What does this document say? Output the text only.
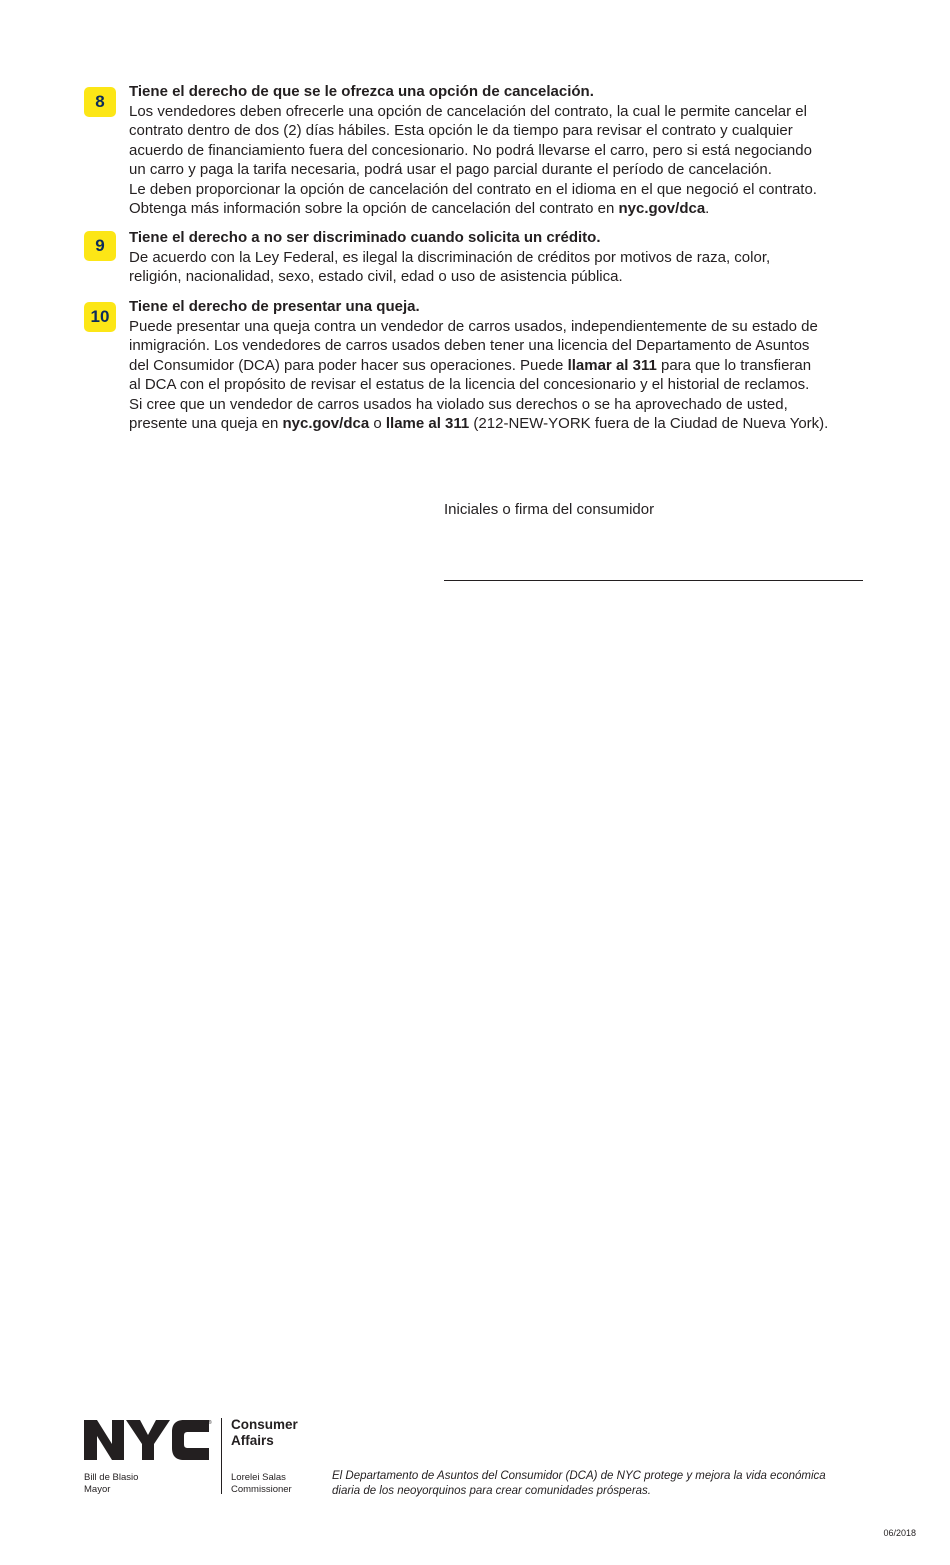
8
Tiene el derecho de que se le ofrezca una opción de cancelación.
Los vendedores deben ofrecerle una opción de cancelación del contrato, la cual le permite cancelar el
contrato dentro de dos (2) días hábiles. Esta opción le da tiempo para revisar el contrato y cualquier
acuerdo de financiamiento fuera del concesionario. No podrá llevarse el carro, pero si está negociando
un carro y paga la tarifa necesaria, podrá usar el pago parcial durante el período de cancelación.
Le deben proporcionar la opción de cancelación del contrato en el idioma en el que negoció el contrato.
Obtenga más información sobre la opción de cancelación del contrato en nyc.gov/dca.
9	Tiene el derecho a no ser discriminado cuando solicita un crédito.
De acuerdo con la Ley Federal, es ilegal la discriminación de créditos por motivos de raza, color,
religión, nacionalidad, sexo, estado civil, edad o uso de asistencia pública.
10
Tiene el derecho de presentar una queja.
Puede presentar una queja contra un vendedor de carros usados, independientemente de su estado de
inmigración. Los vendedores de carros usados deben tener una licencia del Departamento de Asuntos
del Consumidor (DCA) para poder hacer sus operaciones. Puede llamar al 311 para que lo transfieran
al DCA con el propósito de revisar el estatus de la licencia del concesionario y el historial de reclamos.
Si cree que un vendedor de carros usados ha violado sus derechos o se ha aprovechado de usted,
presente una queja en nyc.gov/dca o llame al 311 (212-NEW-YORK fuera de la Ciudad de Nueva York).
Iniciales o firma del consumidor
® Consumer
Affairs
Bill de Blasio
Mayor
Lorelei Salas
Commissioner
El Departamento de Asuntos del Consumidor (DCA) de NYC protege y mejora la vida económica
diaria de los neoyorquinos para crear comunidades prósperas.
06/2018
